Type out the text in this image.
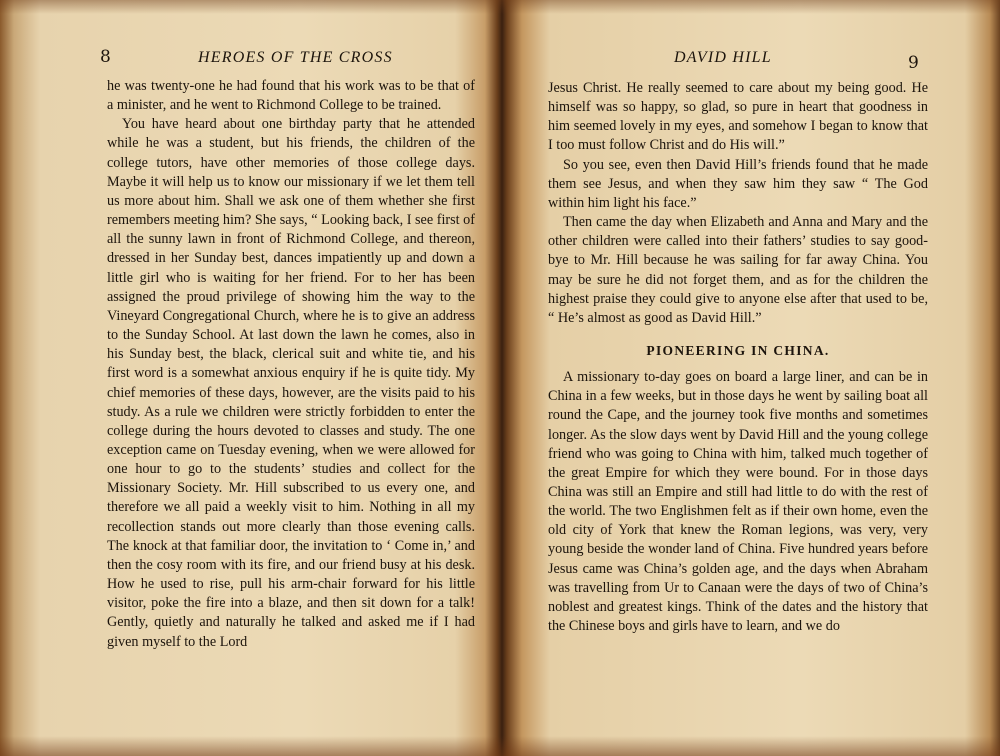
8	HEROES OF THE CROSS

he was twenty-one he had found that his work was to be that of a minister, and he went to Richmond College to be trained.

You have heard about one birthday party that he attended while he was a student, but his friends, the children of the college tutors, have other memories of those college days. Maybe it will help us to know our missionary if we let them tell us more about him. Shall we ask one of them whether she first remembers meeting him? She says, “ Looking back, I see first of all the sunny lawn in front of Richmond College, and thereon, dressed in her Sunday best, dances impatiently up and down a little girl who is waiting for her friend. For to her has been assigned the proud privilege of showing him the way to the Vineyard Congregational Church, where he is to give an address to the Sunday School. At last down the lawn he comes, also in his Sunday best, the black, clerical suit and white tie, and his first word is a somewhat anxious enquiry if he is quite tidy. My chief memories of these days, however, are the visits paid to his study. As a rule we children were strictly forbidden to enter the college during the hours devoted to classes and study. The one exception came on Tuesday evening, when we were allowed for one hour to go to the students’ studies and collect for the Missionary Society. Mr. Hill subscribed to us every one, and therefore we all paid a weekly visit to him. Nothing in all my recollection stands out more clearly than those evening calls. The knock at that familiar door, the invitation to ‘ Come in,’ and then the cosy room with its fire, and our friend busy at his desk. How he used to rise, pull his arm-chair forward for his little visitor, poke the fire into a blaze, and then sit down for a talk! Gently, quietly and naturally he talked and asked me if I had given myself to the Lord

DAVID HILL	9

Jesus Christ. He really seemed to care about my being good. He himself was so happy, so glad, so pure in heart that goodness in him seemed lovely in my eyes, and somehow I began to know that I too must follow Christ and do His will.”

So you see, even then David Hill’s friends found that he made them see Jesus, and when they saw him they saw “ The God within him light his face.”

Then came the day when Elizabeth and Anna and Mary and the other children were called into their fathers’ studies to say good-bye to Mr. Hill because he was sailing for far away China. You may be sure he did not forget them, and as for the children the highest praise they could give to anyone else after that used to be, “ He’s almost as good as David Hill.”

PIONEERING IN CHINA.

A missionary to-day goes on board a large liner, and can be in China in a few weeks, but in those days he went by sailing boat all round the Cape, and the journey took five months and sometimes longer. As the slow days went by David Hill and the young college friend who was going to China with him, talked much together of the great Empire for which they were bound. For in those days China was still an Empire and still had little to do with the rest of the world. The two Englishmen felt as if their own home, even the old city of York that knew the Roman legions, was very, very young beside the wonder land of China. Five hundred years before Jesus came was China’s golden age, and the days when Abraham was travelling from Ur to Canaan were the days of two of China’s noblest and greatest kings. Think of the dates and the history that the Chinese boys and girls have to learn, and we do
